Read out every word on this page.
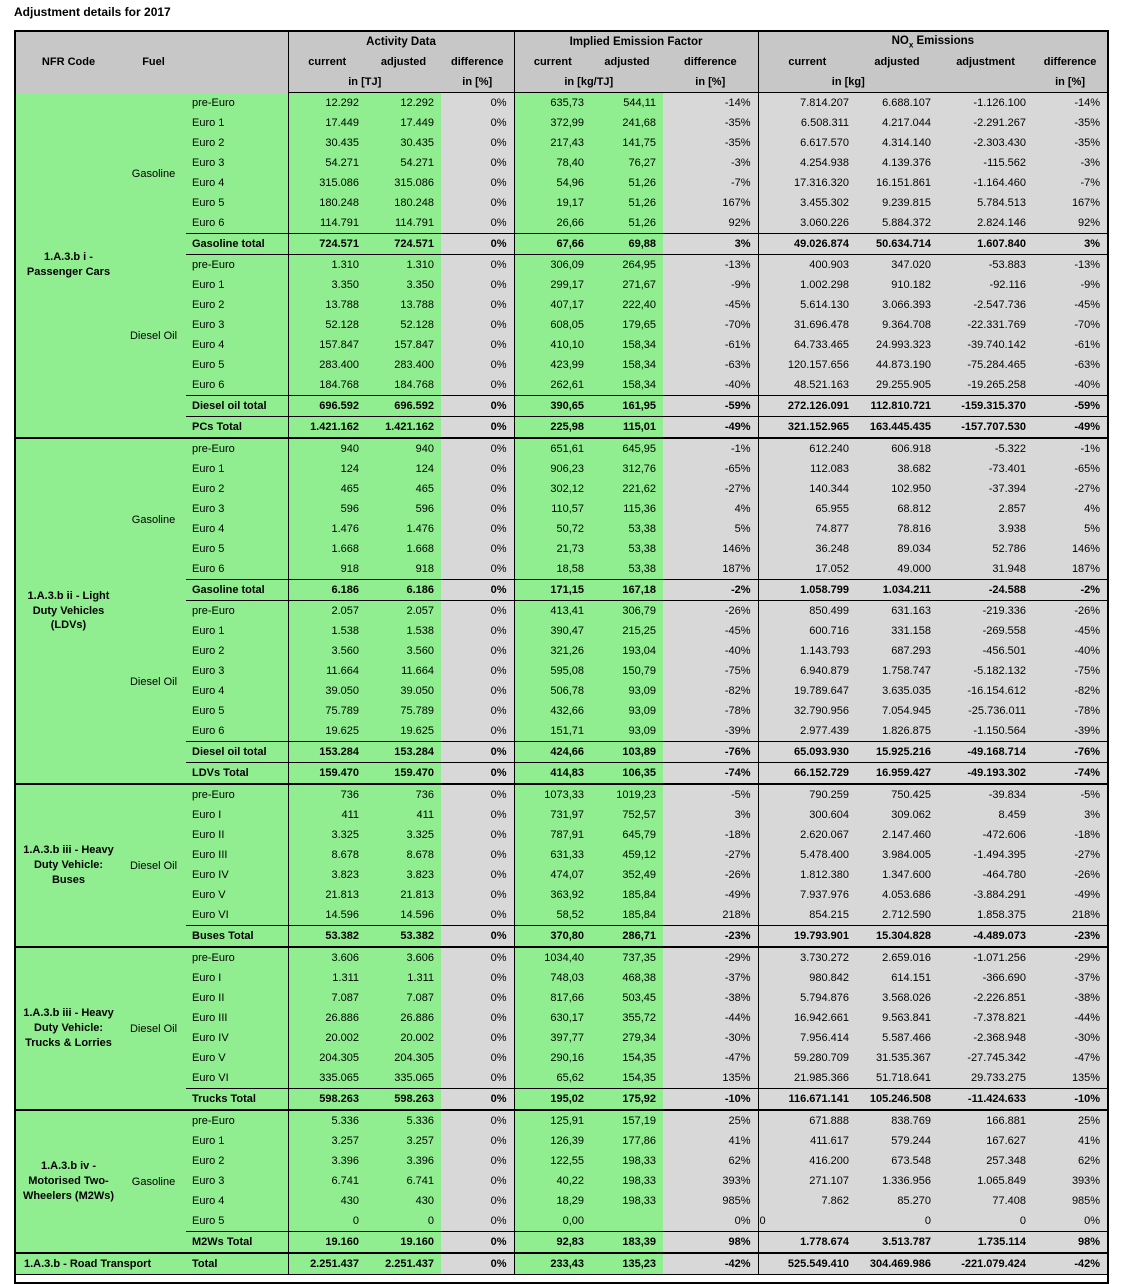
Adjustment details for 2017
NFR Code	Fuel		Activity Data			Implied Emission Factor			$NO_x$ Emissions			
			current	adjusted	difference	current	adjusted	difference	current	adjusted	adjustment	difference
			in [TJ]		in [%]	in [kg/TJ]		in [%]	in [kg]			in [%]
1.A.3.b i - Passenger Cars	Gasoline	pre-Euro	12.292	12.292	0%	635,73	544,11	-14%	7.814.207	6.688.107	-1.126.100	-14%
		Euro 1	17.449	17.449	0%	372,99	241,68	-35%	6.508.311	4.217.044	-2.291.267	-35%
		Euro 2	30.435	30.435	0%	217,43	141,75	-35%	6.617.570	4.314.140	-2.303.430	-35%
		Euro 3	54.271	54.271	0%	78,40	76,27	-3%	4.254.938	4.139.376	-115.562	-3%
		Euro 4	315.086	315.086	0%	54,96	51,26	-7%	17.316.320	16.151.861	-1.164.460	-7%
		Euro 5	180.248	180.248	0%	19,17	51,26	167%	3.455.302	9.239.815	5.784.513	167%
		Euro 6	114.791	114.791	0%	26,66	51,26	92%	3.060.226	5.884.372	2.824.146	92%
		Gasoline total	724.571	724.571	0%	67,66	69,88	3%	49.026.874	50.634.714	1.607.840	3%
	Diesel Oil	pre-Euro	1.310	1.310	0%	306,09	264,95	-13%	400.903	347.020	-53.883	-13%
		Euro 1	3.350	3.350	0%	299,17	271,67	-9%	1.002.298	910.182	-92.116	-9%
		Euro 2	13.788	13.788	0%	407,17	222,40	-45%	5.614.130	3.066.393	-2.547.736	-45%
		Euro 3	52.128	52.128	0%	608,05	179,65	-70%	31.696.478	9.364.708	-22.331.769	-70%
		Euro 4	157.847	157.847	0%	410,10	158,34	-61%	64.733.465	24.993.323	-39.740.142	-61%
		Euro 5	283.400	283.400	0%	423,99	158,34	-63%	120.157.656	44.873.190	-75.284.465	-63%
		Euro 6	184.768	184.768	0%	262,61	158,34	-40%	48.521.163	29.255.905	-19.265.258	-40%
		Diesel oil total	696.592	696.592	0%	390,65	161,95	-59%	272.126.091	112.810.721	-159.315.370	-59%
		PCs Total	1.421.162	1.421.162	0%	225,98	115,01	-49%	321.152.965	163.445.435	-157.707.530	-49%
1.A.3.b ii - Light Duty Vehicles (LDVs)	Gasoline	pre-Euro	940	940	0%	651,61	645,95	-1%	612.240	606.918	-5.322	-1%
		Euro 1	124	124	0%	906,23	312,76	-65%	112.083	38.682	-73.401	-65%
		Euro 2	465	465	0%	302,12	221,62	-27%	140.344	102.950	-37.394	-27%
		Euro 3	596	596	0%	110,57	115,36	4%	65.955	68.812	2.857	4%
		Euro 4	1.476	1.476	0%	50,72	53,38	5%	74.877	78.816	3.938	5%
		Euro 5	1.668	1.668	0%	21,73	53,38	146%	36.248	89.034	52.786	146%
		Euro 6	918	918	0%	18,58	53,38	187%	17.052	49.000	31.948	187%
		Gasoline total	6.186	6.186	0%	171,15	167,18	-2%	1.058.799	1.034.211	-24.588	-2%
	Diesel Oil	pre-Euro	2.057	2.057	0%	413,41	306,79	-26%	850.499	631.163	-219.336	-26%
		Euro 1	1.538	1.538	0%	390,47	215,25	-45%	600.716	331.158	-269.558	-45%
		Euro 2	3.560	3.560	0%	321,26	193,04	-40%	1.143.793	687.293	-456.501	-40%
		Euro 3	11.664	11.664	0%	595,08	150,79	-75%	6.940.879	1.758.747	-5.182.132	-75%
		Euro 4	39.050	39.050	0%	506,78	93,09	-82%	19.789.647	3.635.035	-16.154.612	-82%
		Euro 5	75.789	75.789	0%	432,66	93,09	-78%	32.790.956	7.054.945	-25.736.011	-78%
		Euro 6	19.625	19.625	0%	151,71	93,09	-39%	2.977.439	1.826.875	-1.150.564	-39%
		Diesel oil total	153.284	153.284	0%	424,66	103,89	-76%	65.093.930	15.925.216	-49.168.714	-76%
		LDVs Total	159.470	159.470	0%	414,83	106,35	-74%	66.152.729	16.959.427	-49.193.302	-74%
1.A.3.b iii - Heavy Duty Vehicle: Buses	Diesel Oil	pre-Euro	736	736	0%	1073,33	1019,23	-5%	790.259	750.425	-39.834	-5%
		Euro I	411	411	0%	731,97	752,57	3%	300.604	309.062	8.459	3%
		Euro II	3.325	3.325	0%	787,91	645,79	-18%	2.620.067	2.147.460	-472.606	-18%
		Euro III	8.678	8.678	0%	631,33	459,12	-27%	5.478.400	3.984.005	-1.494.395	-27%
		Euro IV	3.823	3.823	0%	474,07	352,49	-26%	1.812.380	1.347.600	-464.780	-26%
		Euro V	21.813	21.813	0%	363,92	185,84	-49%	7.937.976	4.053.686	-3.884.291	-49%
		Euro VI	14.596	14.596	0%	58,52	185,84	218%	854.215	2.712.590	1.858.375	218%
		Buses Total	53.382	53.382	0%	370,80	286,71	-23%	19.793.901	15.304.828	-4.489.073	-23%
1.A.3.b iii - Heavy Duty Vehicle: Trucks & Lorries	Diesel Oil	pre-Euro	3.606	3.606	0%	1034,40	737,35	-29%	3.730.272	2.659.016	-1.071.256	-29%
		Euro I	1.311	1.311	0%	748,03	468,38	-37%	980.842	614.151	-366.690	-37%
		Euro II	7.087	7.087	0%	817,66	503,45	-38%	5.794.876	3.568.026	-2.226.851	-38%
		Euro III	26.886	26.886	0%	630,17	355,72	-44%	16.942.661	9.563.841	-7.378.821	-44%
		Euro IV	20.002	20.002	0%	397,77	279,34	-30%	7.956.414	5.587.466	-2.368.948	-30%
		Euro V	204.305	204.305	0%	290,16	154,35	-47%	59.280.709	31.535.367	-27.745.342	-47%
		Euro VI	335.065	335.065	0%	65,62	154,35	135%	21.985.366	51.718.641	29.733.275	135%
		Trucks Total	598.263	598.263	0%	195,02	175,92	-10%	116.671.141	105.246.508	-11.424.633	-10%
1.A.3.b iv - Motorised Two-Wheelers (M2Ws)	Gasoline	pre-Euro	5.336	5.336	0%	125,91	157,19	25%	671.888	838.769	166.881	25%
		Euro 1	3.257	3.257	0%	126,39	177,86	41%	411.617	579.244	167.627	41%
		Euro 2	3.396	3.396	0%	122,55	198,33	62%	416.200	673.548	257.348	62%
		Euro 3	6.741	6.741	0%	40,22	198,33	393%	271.107	1.336.956	1.065.849	393%
		Euro 4	430	430	0%	18,29	198,33	985%	7.862	85.270	77.408	985%
		Euro 5	0	0	0%	0,00		0%	0	0	0	0%
		M2Ws Total	19.160	19.160	0%	92,83	183,39	98%	1.778.674	3.513.787	1.735.114	98%
1.A.3.b - Road Transport		Total	2.251.437	2.251.437	0%	233,43	135,23	-42%	525.549.410	304.469.986	-221.079.424	-42%
